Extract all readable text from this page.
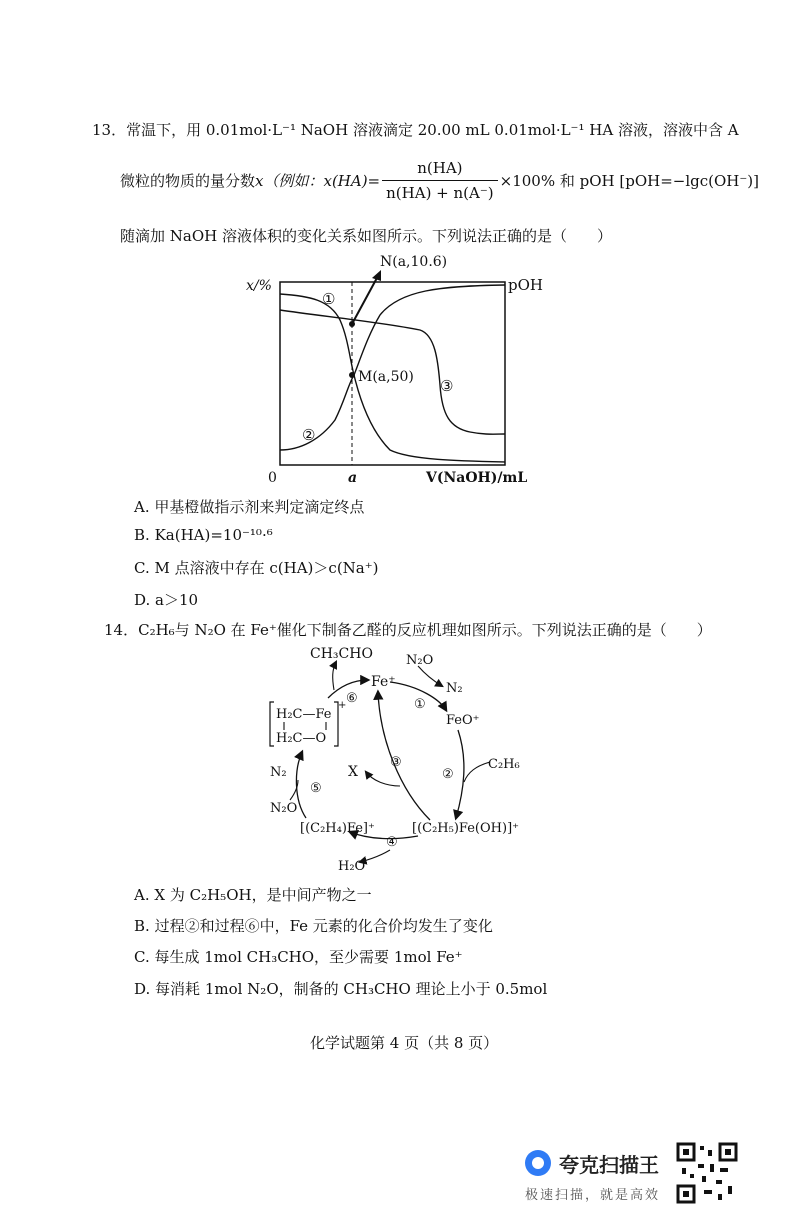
13．常温下，用 0.01mol·L⁻¹ NaOH 溶液滴定 20.00 mL 0.01mol·L⁻¹ HA 溶液，溶液中含 A
微粒的物质的量分数 x（例如： $x(HA)= \frac{n(HA)}{n(HA) + n(A^-)} \times 100\%$ 和 pOH [pOH=−lgc(OH⁻)]
随滴加 NaOH 溶液体积的变化关系如图所示。下列说法正确的是（　　）
x/%	pOH
0	a	V(NaOH)/mL
N(a,10.6)
M(a,50)
①
②
③
A. 甲基橙做指示剂来判定滴定终点
B. Ka(HA)=10⁻¹⁰·⁶
C. M 点溶液中存在 c(HA)＞c(Na⁺)
D. a＞10
14．C₂H₆与 N₂O 在 Fe⁺催化下制备乙醛的反应机理如图所示。下列说法正确的是（　　）
CH₃CHO
Fe⁺
N₂O
N₂
FeO⁺
C₂H₆
H₂C—Fe
H₂C—O
+
X
N₂
N₂O
[(C₂H₄)Fe]⁺	[(C₂H₅)Fe(OH)]⁺
H₂O
①
②
③
④
⑤
⑥
A. X 为 C₂H₅OH，是中间产物之一
B. 过程②和过程⑥中，Fe 元素的化合价均发生了变化
C. 每生成 1mol CH₃CHO，至少需要 1mol Fe⁺
D. 每消耗 1mol N₂O，制备的 CH₃CHO 理论上小于 0.5mol
化学试题第 4 页（共 8 页）
夸克扫描王
极速扫描，就是高效
